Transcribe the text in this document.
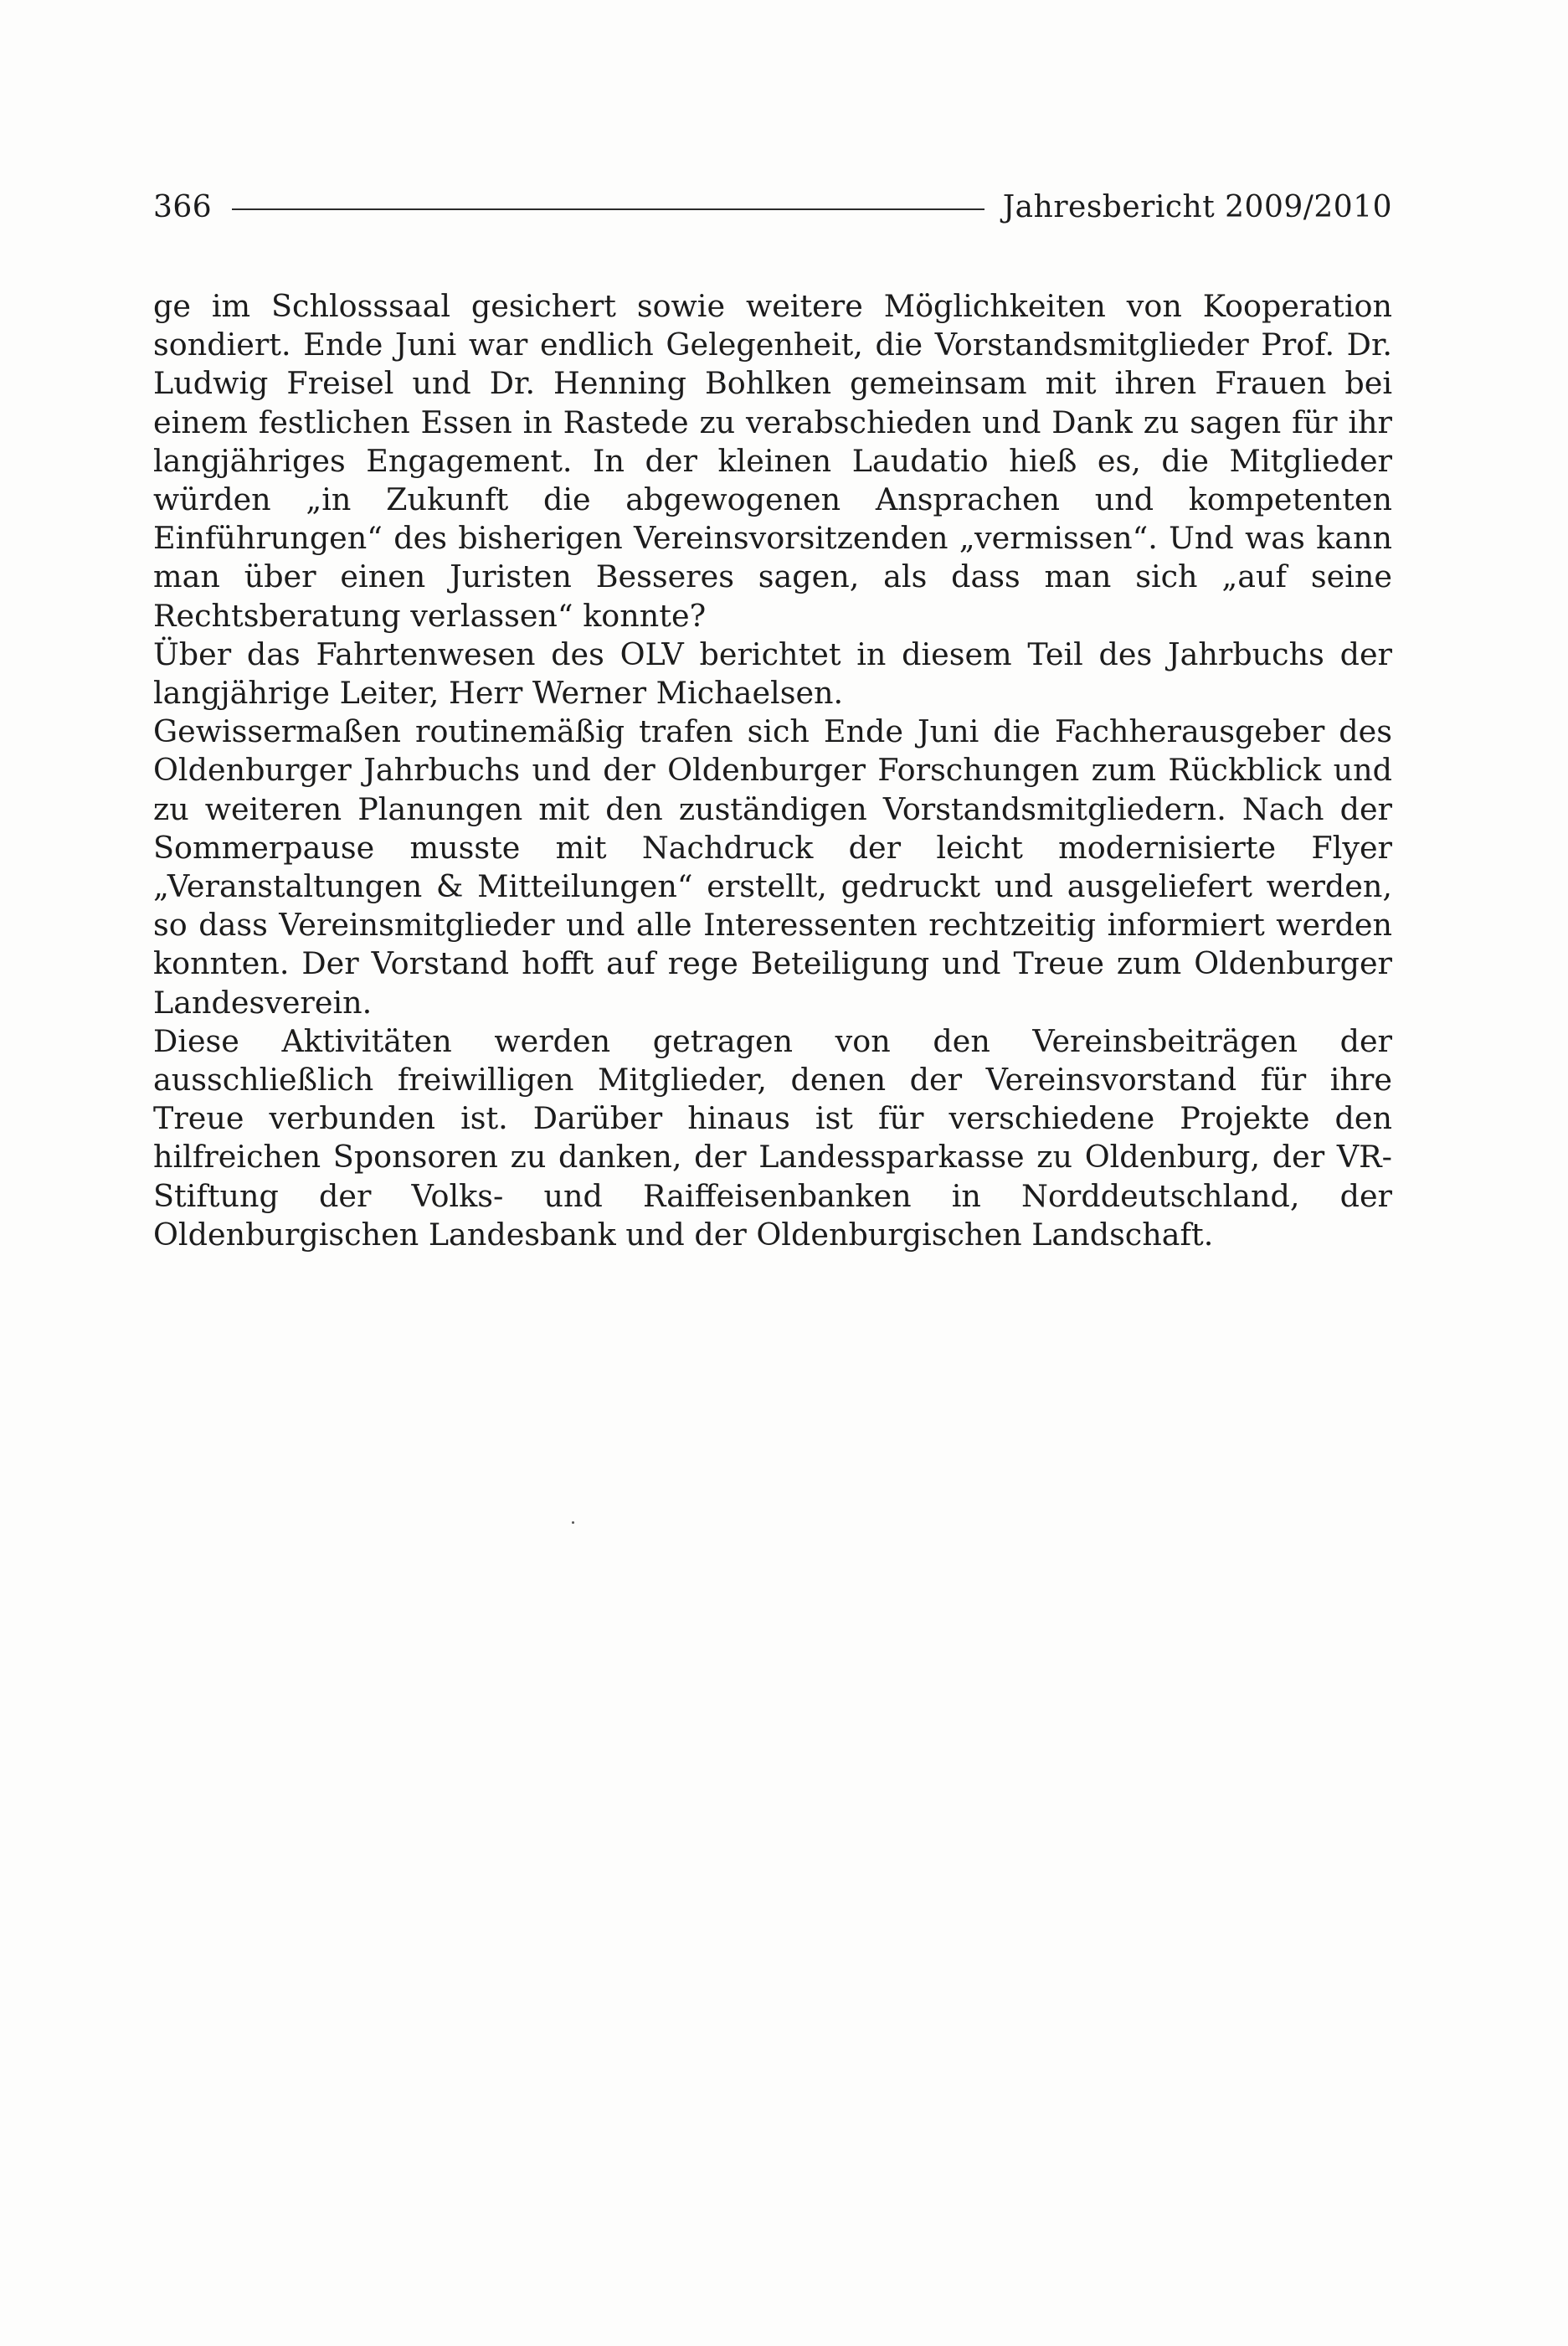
366	Jahresbericht 2009/2010

ge im Schlosssaal gesichert sowie weitere Möglichkeiten von Kooperation sondiert. Ende Juni war endlich Gelegenheit, die Vorstandsmitglieder Prof. Dr. Ludwig Freisel und Dr. Henning Bohlken gemeinsam mit ihren Frauen bei einem festlichen Essen in Rastede zu verabschieden und Dank zu sagen für ihr langjähriges Engagement. In der kleinen Laudatio hieß es, die Mitglieder würden „in Zukunft die abgewogenen Ansprachen und kompetenten Einführungen“ des bisherigen Vereinsvorsitzenden „vermissen“. Und was kann man über einen Juristen Besseres sagen, als dass man sich „auf seine Rechtsberatung verlassen“ konnte?

Über das Fahrtenwesen des OLV berichtet in diesem Teil des Jahrbuchs der langjährige Leiter, Herr Werner Michaelsen.

Gewissermaßen routinemäßig trafen sich Ende Juni die Fachherausgeber des Oldenburger Jahrbuchs und der Oldenburger Forschungen zum Rückblick und zu weiteren Planungen mit den zuständigen Vorstandsmitgliedern. Nach der Sommerpause musste mit Nachdruck der leicht modernisierte Flyer „Veranstaltungen & Mitteilungen“ erstellt, gedruckt und ausgeliefert werden, so dass Vereinsmitglieder und alle Interessenten rechtzeitig informiert werden konnten. Der Vorstand hofft auf rege Beteiligung und Treue zum Oldenburger Landesverein.

Diese Aktivitäten werden getragen von den Vereinsbeiträgen der ausschließlich freiwilligen Mitglieder, denen der Vereinsvorstand für ihre Treue verbunden ist. Darüber hinaus ist für verschiedene Projekte den hilfreichen Sponsoren zu danken, der Landessparkasse zu Oldenburg, der VR-Stiftung der Volks- und Raiffeisenbanken in Norddeutschland, der Oldenburgischen Landesbank und der Oldenburgischen Landschaft.
